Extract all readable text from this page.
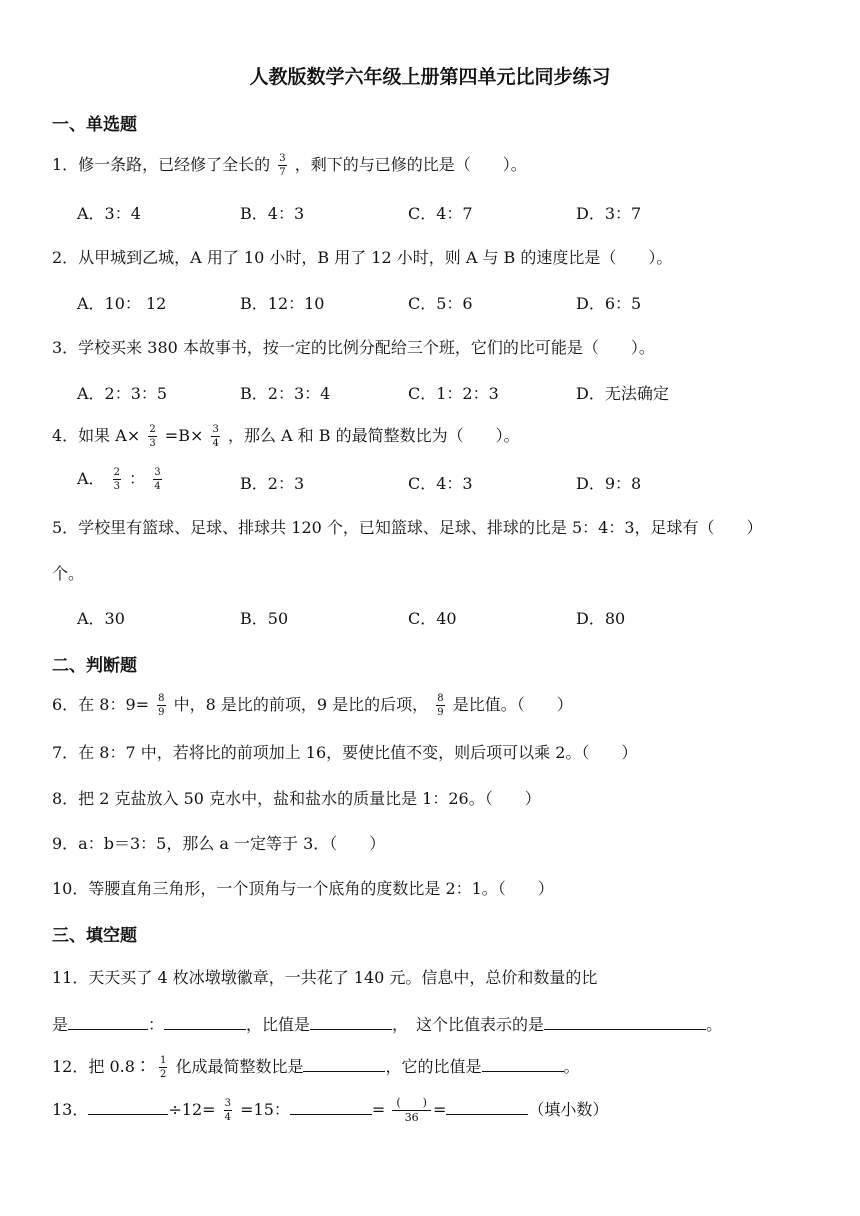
人教版数学六年级上册第四单元比同步练习
一、单选题
1．修一条路，已经修了全长的 $\frac{3}{7}$ ，剩下的与已修的比是（　　）。
A．3：4	B．4：3	C．4：7	D．3：7
2．从甲城到乙城，A 用了 10 小时，B 用了 12 小时，则 A 与 B 的速度比是（　　）。
A．10： 12	B．12：10	C．5：6	D．6：5
3．学校买来 380 本故事书，按一定的比例分配给三个班，它们的比可能是（　　）。
A．2：3：5	B．2：3：4	C．1：2：3	D．无法确定
4．如果 $A\times \frac{2}{3} =B\times \frac{3}{4}$ ，那么 A 和 B 的最简整数比为（　　）。
A． $\frac{2}{3}$ ： $\frac{3}{4}$	B．2：3	C．4：3	D．9：8
5．学校里有篮球、足球、排球共 120 个，已知篮球、足球、排球的比是 5：4：3，足球有（　　）
个。
A．30	B．50	C．40	D．80
二、判断题
6．在 8：$9= \frac{8}{9}$ 中，8 是比的前项，9 是比的后项， $\frac{8}{9}$ 是比值。（　　）
7．在 8：7 中，若将比的前项加上 16，要使比值不变，则后项可以乘 2。（　　）
8．把 2 克盐放入 50 克水中，盐和盐水的质量比是 1：26。（　　）
9．a：b＝3：5，那么 a 一定等于 3．（　　）
10．等腰直角三角形，一个顶角与一个底角的度数比是 2：1。（　　）
三、填空题
11．天天买了 4 枚冰墩墩徽章，一共花了 140 元。信息中，总价和数量的比
是	：	，比值是	，　这个比值表示的是	。
12．把 0.8∶ $\frac{1}{2}$ 化成最简整数比是	，它的比值是	。
13．	$\div 12= \frac{3}{4} =15$：	= $\frac{( )}{36}$ =	（填小数）
